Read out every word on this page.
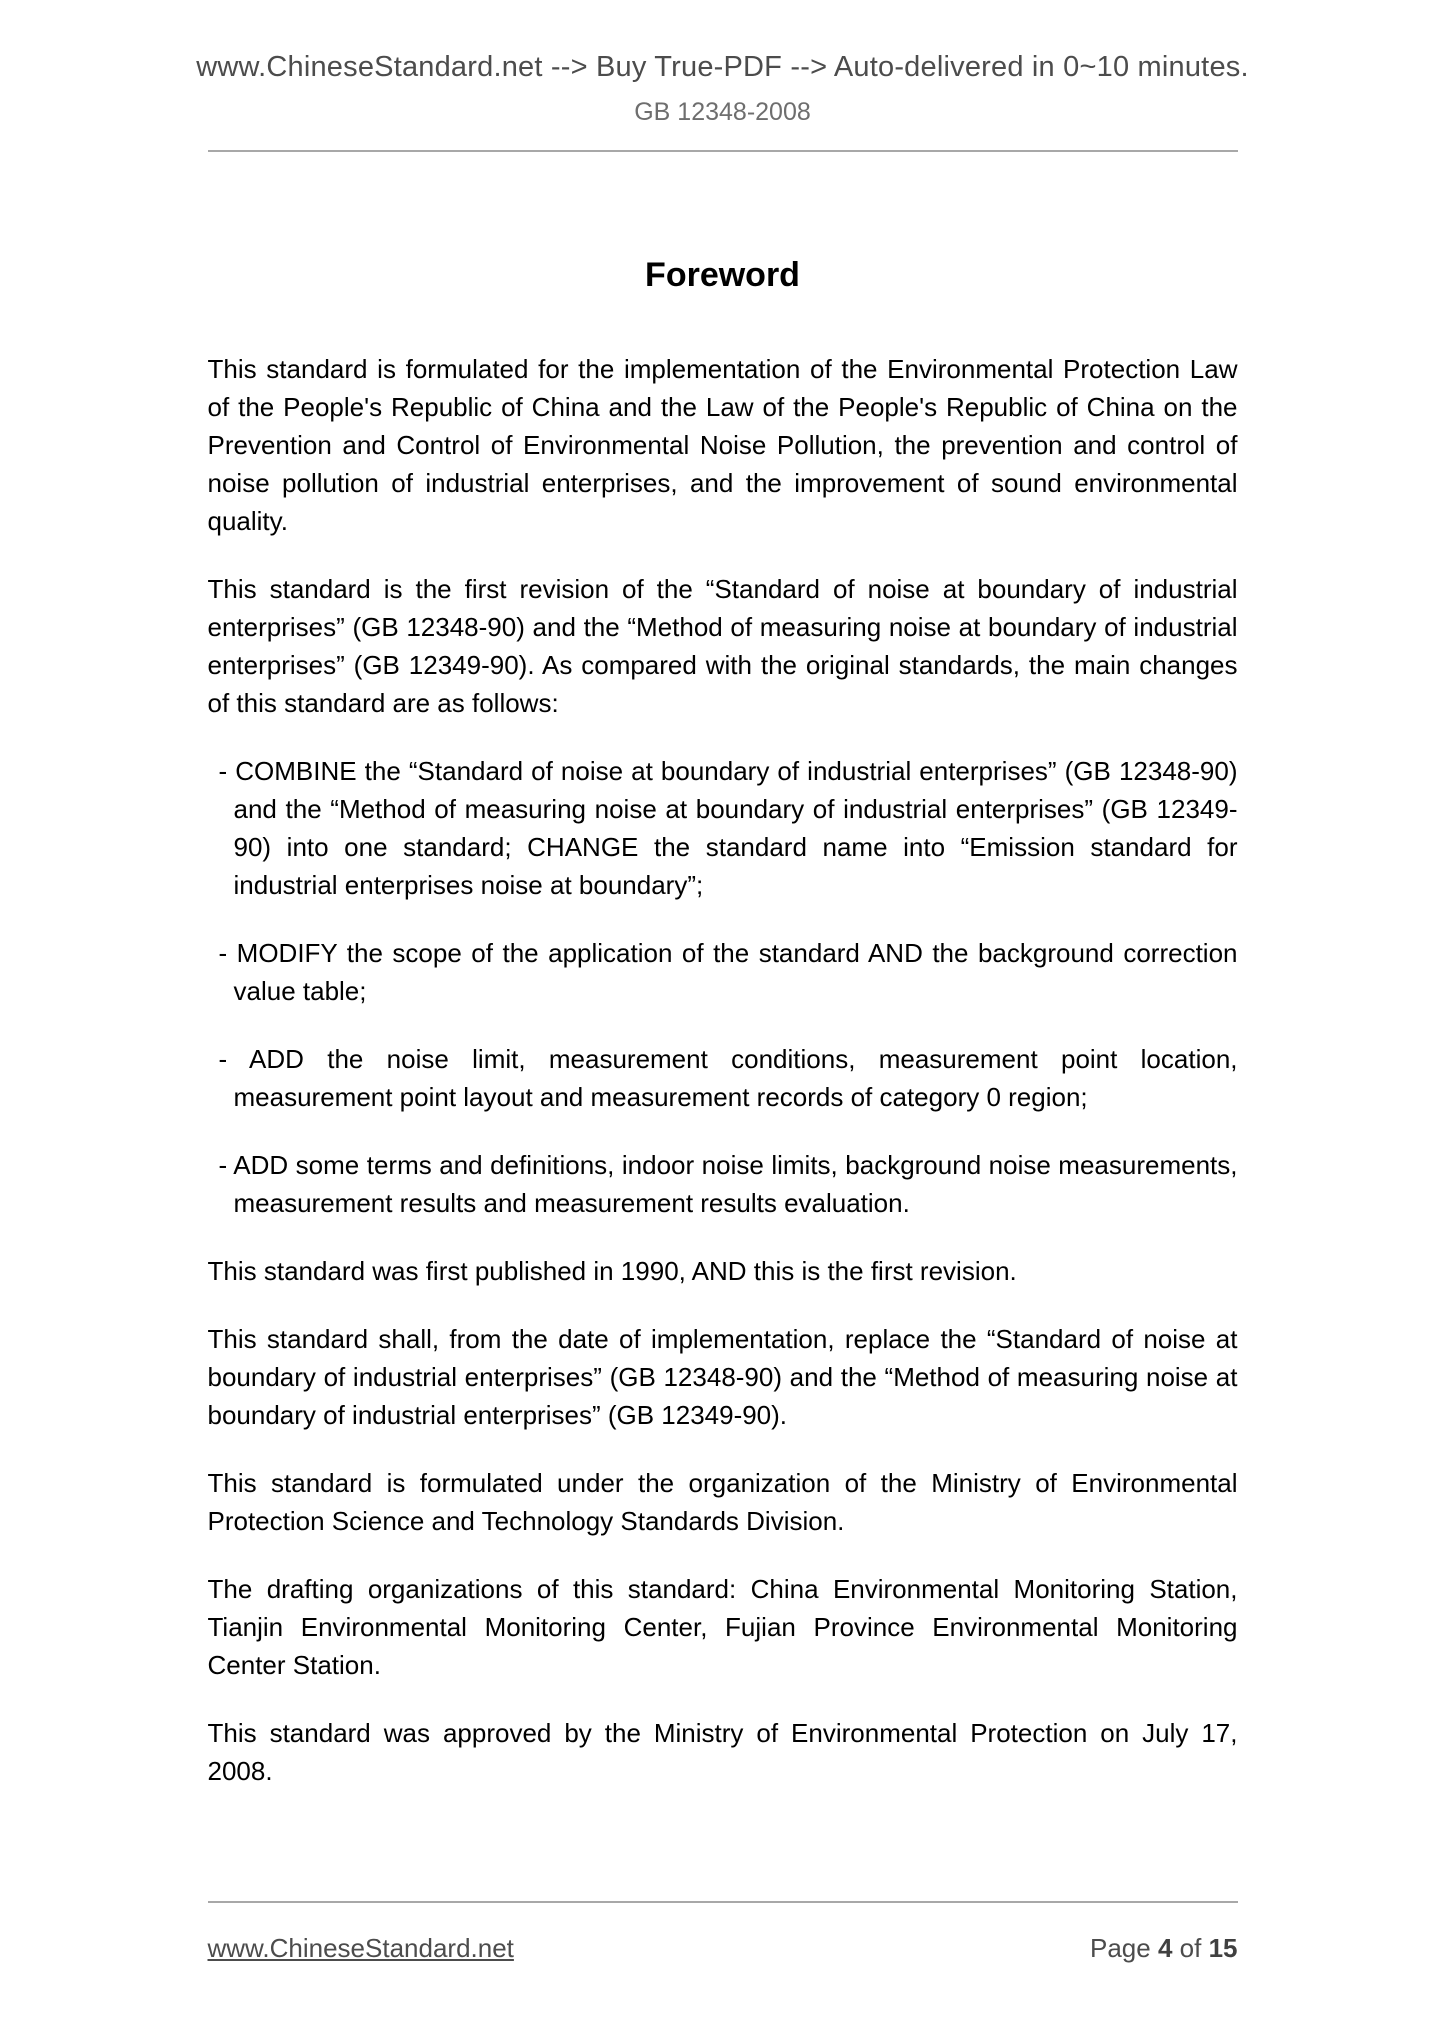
www.ChineseStandard.net --> Buy True-PDF --> Auto-delivered in 0~10 minutes.
GB 12348-2008
Foreword

This standard is formulated for the implementation of the Environmental Protection Law of the People's Republic of China and the Law of the People's Republic of China on the Prevention and Control of Environmental Noise Pollution, the prevention and control of noise pollution of industrial enterprises, and the improvement of sound environmental quality.

This standard is the first revision of the “Standard of noise at boundary of industrial enterprises” (GB 12348-90) and the “Method of measuring noise at boundary of industrial enterprises” (GB 12349-90). As compared with the original standards, the main changes of this standard are as follows:

- COMBINE the “Standard of noise at boundary of industrial enterprises” (GB 12348-90) and the “Method of measuring noise at boundary of industrial enterprises” (GB 12349-90) into one standard; CHANGE the standard name into “Emission standard for industrial enterprises noise at boundary”;

- MODIFY the scope of the application of the standard AND the background correction value table;

- ADD the noise limit, measurement conditions, measurement point location, measurement point layout and measurement records of category 0 region;

- ADD some terms and definitions, indoor noise limits, background noise measurements, measurement results and measurement results evaluation.

This standard was first published in 1990, AND this is the first revision.

This standard shall, from the date of implementation, replace the “Standard of noise at boundary of industrial enterprises” (GB 12348-90) and the “Method of measuring noise at boundary of industrial enterprises” (GB 12349-90).

This standard is formulated under the organization of the Ministry of Environmental Protection Science and Technology Standards Division.

The drafting organizations of this standard: China Environmental Monitoring Station, Tianjin Environmental Monitoring Center, Fujian Province Environmental Monitoring Center Station.

This standard was approved by the Ministry of Environmental Protection on July 17, 2008.

www.ChineseStandard.net	Page 4 of 15
